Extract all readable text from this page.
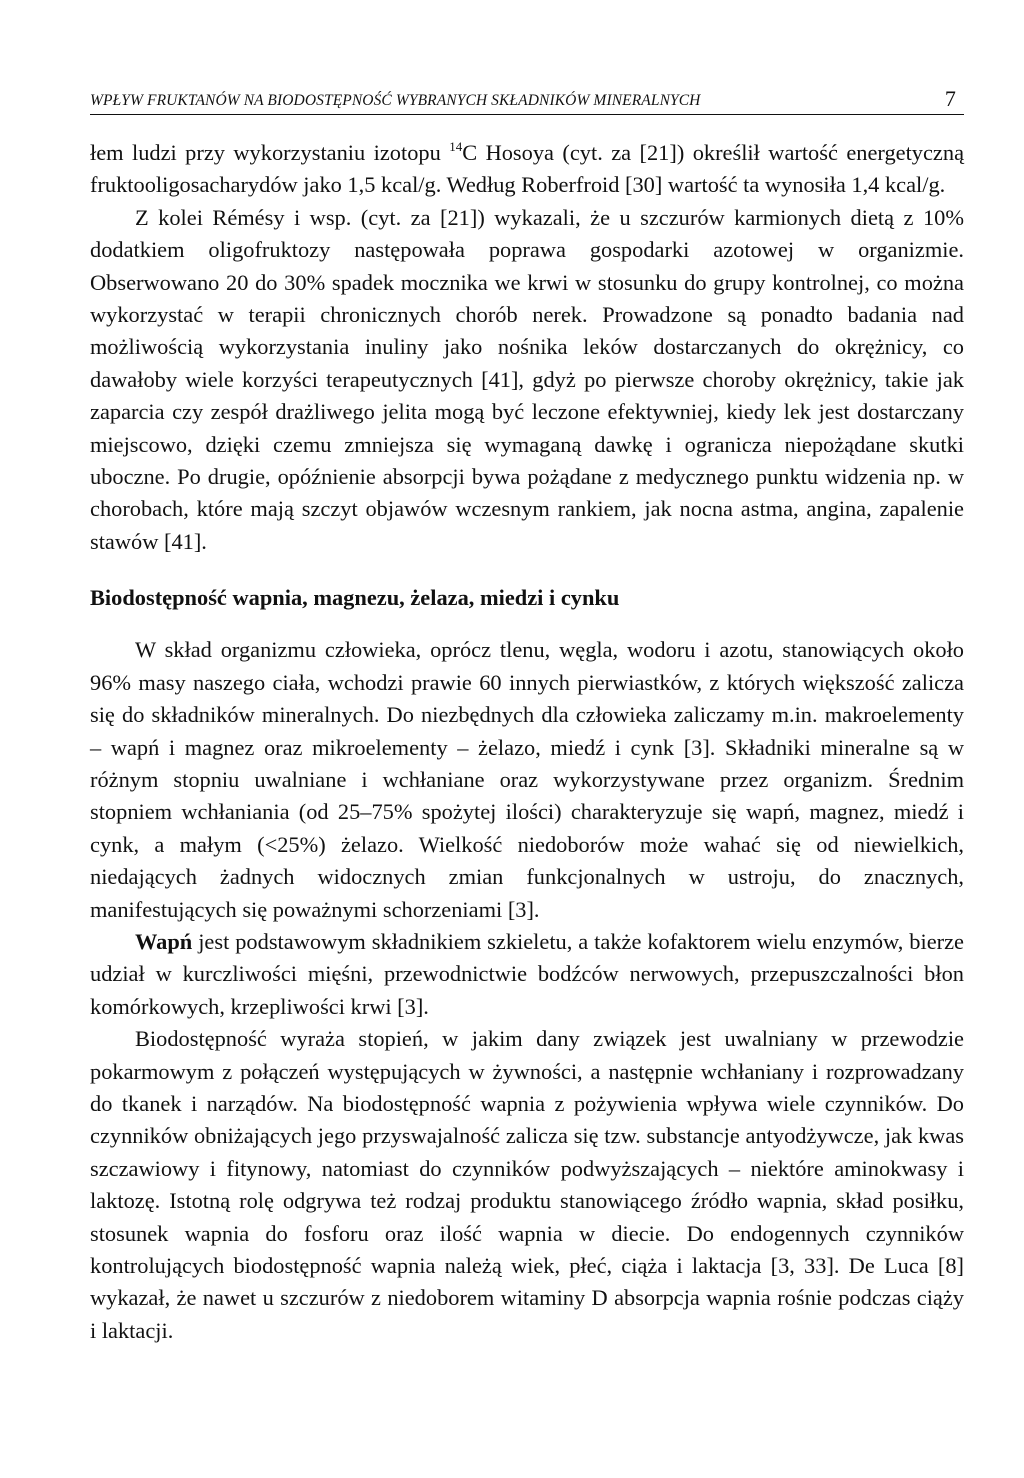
WPŁYW FRUKTANÓW NA BIODOSTĘPNOŚĆ WYBRANYCH SKŁADNIKÓW MINERALNYCH	7

łem ludzi przy wykorzystaniu izotopu $^{14}$C Hosoya (cyt. za [21]) określił wartość energetyczną fruktooligosacharydów jako 1,5 kcal/g. Według Roberfroid [30] wartość ta wynosiła 1,4 kcal/g.

Z kolei Rémésy i wsp. (cyt. za [21]) wykazali, że u szczurów karmionych dietą z 10% dodatkiem oligofruktozy następowała poprawa gospodarki azotowej w organizmie. Obserwowano 20 do 30% spadek mocznika we krwi w stosunku do grupy kontrolnej, co można wykorzystać w terapii chronicznych chorób nerek. Prowadzone są ponadto badania nad możliwością wykorzystania inuliny jako nośnika leków dostarczanych do okrężnicy, co dawałoby wiele korzyści terapeutycznych [41], gdyż po pierwsze choroby okrężnicy, takie jak zaparcia czy zespół drażliwego jelita mogą być leczone efektywniej, kiedy lek jest dostarczany miejscowo, dzięki czemu zmniejsza się wymaganą dawkę i ogranicza niepożądane skutki uboczne. Po drugie, opóźnienie absorpcji bywa pożądane z medycznego punktu widzenia np. w chorobach, które mają szczyt objawów wczesnym rankiem, jak nocna astma, angina, zapalenie stawów [41].

Biodostępność wapnia, magnezu, żelaza, miedzi i cynku

W skład organizmu człowieka, oprócz tlenu, węgla, wodoru i azotu, stanowiących około 96% masy naszego ciała, wchodzi prawie 60 innych pierwiastków, z których większość zalicza się do składników mineralnych. Do niezbędnych dla człowieka zaliczamy m.in. makroelementy – wapń i magnez oraz mikroelementy – żelazo, miedź i cynk [3]. Składniki mineralne są w różnym stopniu uwalniane i wchłaniane oraz wykorzystywane przez organizm. Średnim stopniem wchłaniania (od 25–75% spożytej ilości) charakteryzuje się wapń, magnez, miedź i cynk, a małym (<25%) żelazo. Wielkość niedoborów może wahać się od niewielkich, niedających żadnych widocznych zmian funkcjonalnych w ustroju, do znacznych, manifestujących się poważnymi schorzeniami [3].

Wapń jest podstawowym składnikiem szkieletu, a także kofaktorem wielu enzymów, bierze udział w kurczliwości mięśni, przewodnictwie bodźców nerwowych, przepuszczalności błon komórkowych, krzepliwości krwi [3].

Biodostępność wyraża stopień, w jakim dany związek jest uwalniany w przewodzie pokarmowym z połączeń występujących w żywności, a następnie wchłaniany i rozprowadzany do tkanek i narządów. Na biodostępność wapnia z pożywienia wpływa wiele czynników. Do czynników obniżających jego przyswajalność zalicza się tzw. substancje antyodżywcze, jak kwas szczawiowy i fitynowy, natomiast do czynników podwyższających – niektóre aminokwasy i laktozę. Istotną rolę odgrywa też rodzaj produktu stanowiącego źródło wapnia, skład posiłku, stosunek wapnia do fosforu oraz ilość wapnia w diecie. Do endogennych czynników kontrolujących biodostępność wapnia należą wiek, płeć, ciąża i laktacja [3, 33]. De Luca [8] wykazał, że nawet u szczurów z niedoborem witaminy D absorpcja wapnia rośnie podczas ciąży i laktacji.
